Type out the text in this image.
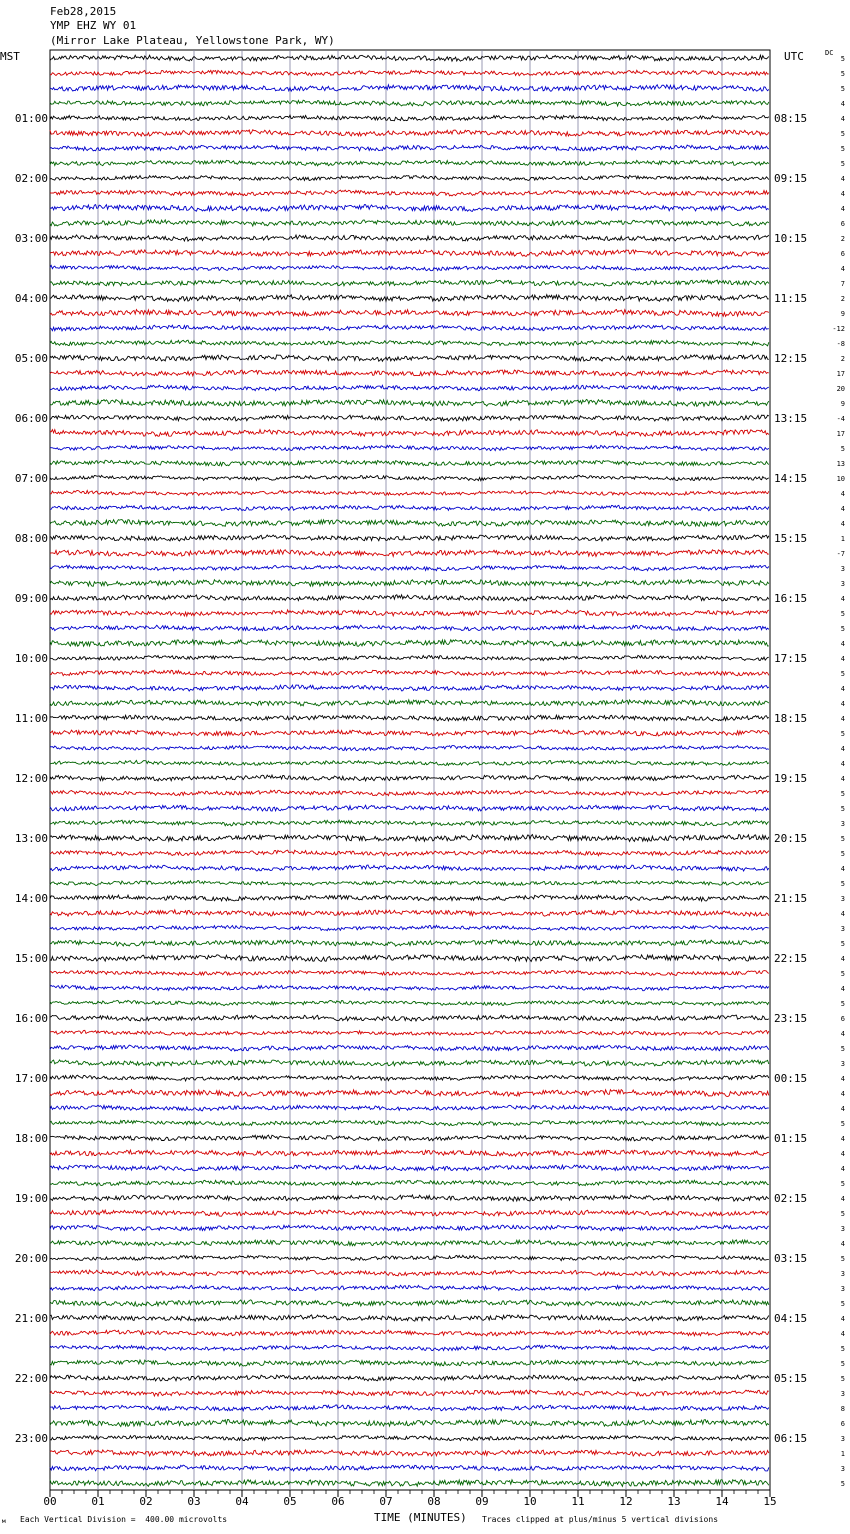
Feb28,2015
YMP EHZ WY 01
(Mirror Lake Plateau, Yellowstone Park, WY)
MST	UTC	DC
00	01	02	03	04	05	06	07	08	09	10	11	12	13	14	15
5
5
5
4
4
01:00	08:15
5
5
5
4
02:00	09:15
4
4
6
2
03:00	10:15
6
4
7
2
04:00	11:15
9
-12
-8
2
05:00	12:15
17
20
9
-4
06:00	13:15
17
5
13
10
07:00	14:15
4
4
4
1
08:00	15:15
-7
3
3
4
09:00	16:15
5
5
4
4
10:00	17:15
5
4
4
4
11:00	18:15
5
4
4
4
12:00	19:15
5
5
3
5
13:00	20:15
5
4
5
3
14:00	21:15
4
3
5
4
15:00	22:15
5
4
5
6
16:00	23:15
4
5
3
4
17:00	00:15
4
4
5
4
18:00	01:15
4
4
5
4
19:00	02:15
5
3
4
5
20:00	03:15
3
3
5
4
21:00	04:15
4
5
5
5
22:00	05:15
3
8
6
3
23:00	06:15
1
3
5
м Each Vertical Division =  400.00 microvolts	TIME (MINUTES) Traces clipped at plus/minus 5 vertical divisions
